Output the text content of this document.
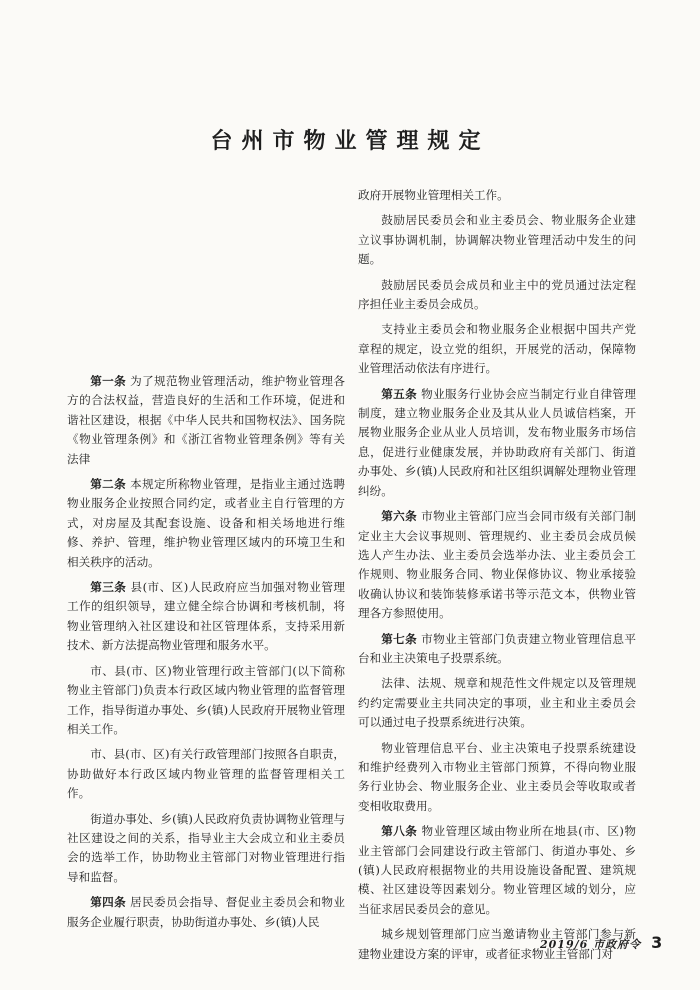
台州市物业管理规定

第一条 为了规范物业管理活动，维护物业管理各方的合法权益，营造良好的生活和工作环境，促进和谐社区建设，根据《中华人民共和国物权法》、国务院《物业管理条例》和《浙江省物业管理条例》等有关法律

第二条 本规定所称物业管理，是指业主通过选聘物业服务企业按照合同约定，或者业主自行管理的方式，对房屋及其配套设施、设备和相关场地进行维修、养护、管理，维护物业管理区域内的环境卫生和相关秩序的活动。

第三条 县(市、区)人民政府应当加强对物业管理工作的组织领导，建立健全综合协调和考核机制，将物业管理纳入社区建设和社区管理体系，支持采用新技术、新方法提高物业管理和服务水平。

市、县(市、区)物业管理行政主管部门(以下简称物业主管部门)负责本行政区域内物业管理的监督管理工作，指导街道办事处、乡(镇)人民政府开展物业管理相关工作。

市、县(市、区)有关行政管理部门按照各自职责，协助做好本行政区域内物业管理的监督管理相关工作。

街道办事处、乡(镇)人民政府负责协调物业管理与社区建设之间的关系，指导业主大会成立和业主委员会的选举工作，协助物业主管部门对物业管理进行指导和监督。

第四条 居民委员会指导、督促业主委员会和物业服务企业履行职责，协助街道办事处、乡(镇)人民

政府开展物业管理相关工作。

鼓励居民委员会和业主委员会、物业服务企业建立议事协调机制，协调解决物业管理活动中发生的问题。

鼓励居民委员会成员和业主中的党员通过法定程序担任业主委员会成员。

支持业主委员会和物业服务企业根据中国共产党章程的规定，设立党的组织，开展党的活动，保障物业管理活动依法有序进行。

第五条 物业服务行业协会应当制定行业自律管理制度，建立物业服务企业及其从业人员诚信档案，开展物业服务企业从业人员培训，发布物业服务市场信息，促进行业健康发展，并协助政府有关部门、街道办事处、乡(镇)人民政府和社区组织调解处理物业管理纠纷。

第六条 市物业主管部门应当会同市级有关部门制定业主大会议事规则、管理规约、业主委员会成员候选人产生办法、业主委员会选举办法、业主委员会工作规则、物业服务合同、物业保修协议、物业承接验收确认协议和装饰装修承诺书等示范文本，供物业管理各方参照使用。

第七条 市物业主管部门负责建立物业管理信息平台和业主决策电子投票系统。

法律、法规、规章和规范性文件规定以及管理规约约定需要业主共同决定的事项，业主和业主委员会可以通过电子投票系统进行决策。

物业管理信息平台、业主决策电子投票系统建设和维护经费列入市物业主管部门预算，不得向物业服务行业协会、物业服务企业、业主委员会等收取或者变相收取费用。

第八条 物业管理区域由物业所在地县(市、区)物业主管部门会同建设行政主管部门、街道办事处、乡(镇)人民政府根据物业的共用设施设备配置、建筑规模、社区建设等因素划分。物业管理区域的划分，应当征求居民委员会的意见。

城乡规划管理部门应当邀请物业主管部门参与新建物业建设方案的评审，或者征求物业主管部门对

2019/6 市政府令 3
